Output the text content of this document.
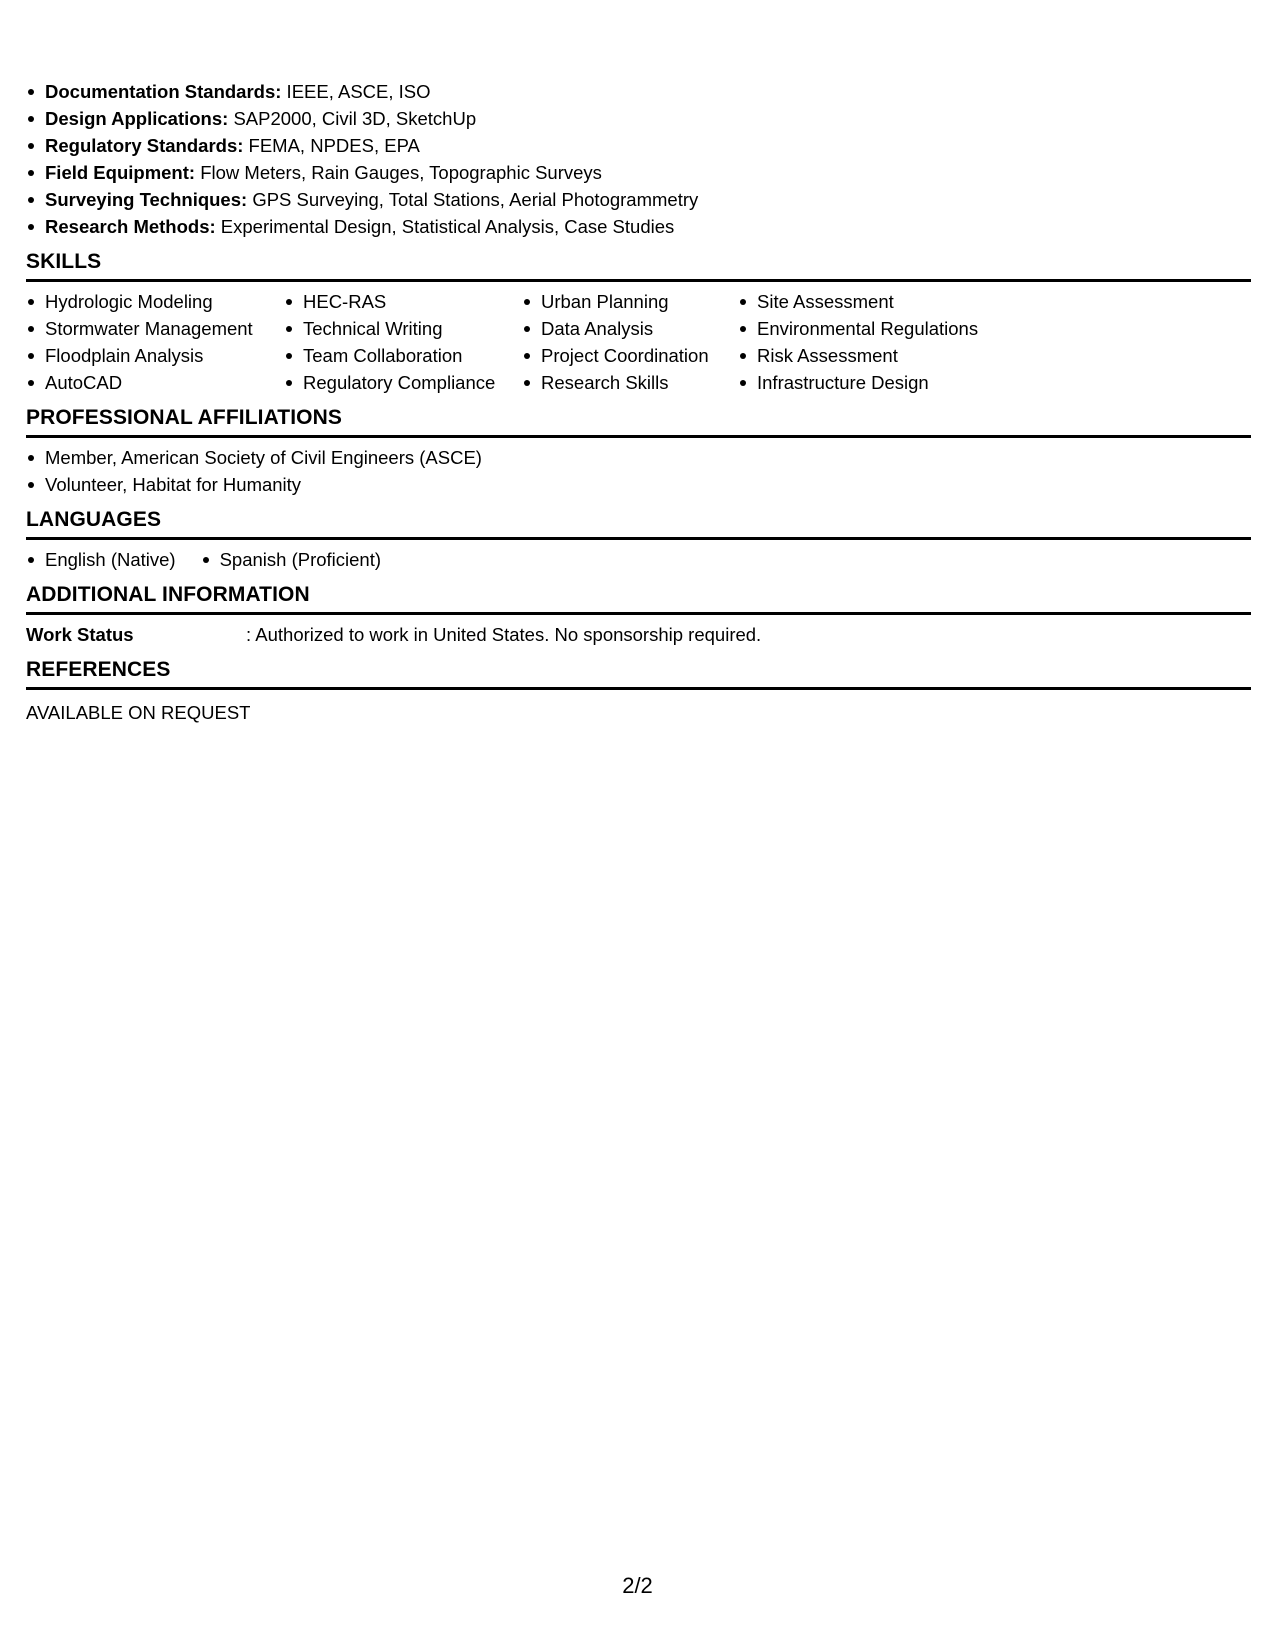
Documentation Standards: IEEE, ASCE, ISO
Design Applications: SAP2000, Civil 3D, SketchUp
Regulatory Standards: FEMA, NPDES, EPA
Field Equipment: Flow Meters, Rain Gauges, Topographic Surveys
Surveying Techniques: GPS Surveying, Total Stations, Aerial Photogrammetry
Research Methods: Experimental Design, Statistical Analysis, Case Studies
SKILLS
Hydrologic Modeling
Stormwater Management
Floodplain Analysis
AutoCAD
HEC-RAS
Technical Writing
Team Collaboration
Regulatory Compliance
Urban Planning
Data Analysis
Project Coordination
Research Skills
Site Assessment
Environmental Regulations
Risk Assessment
Infrastructure Design
PROFESSIONAL AFFILIATIONS
Member, American Society of Civil Engineers (ASCE)
Volunteer, Habitat for Humanity
LANGUAGES
English (Native)	Spanish (Proficient)
ADDITIONAL INFORMATION
Work Status	: Authorized to work in United States. No sponsorship required.
REFERENCES
AVAILABLE ON REQUEST
2/2
